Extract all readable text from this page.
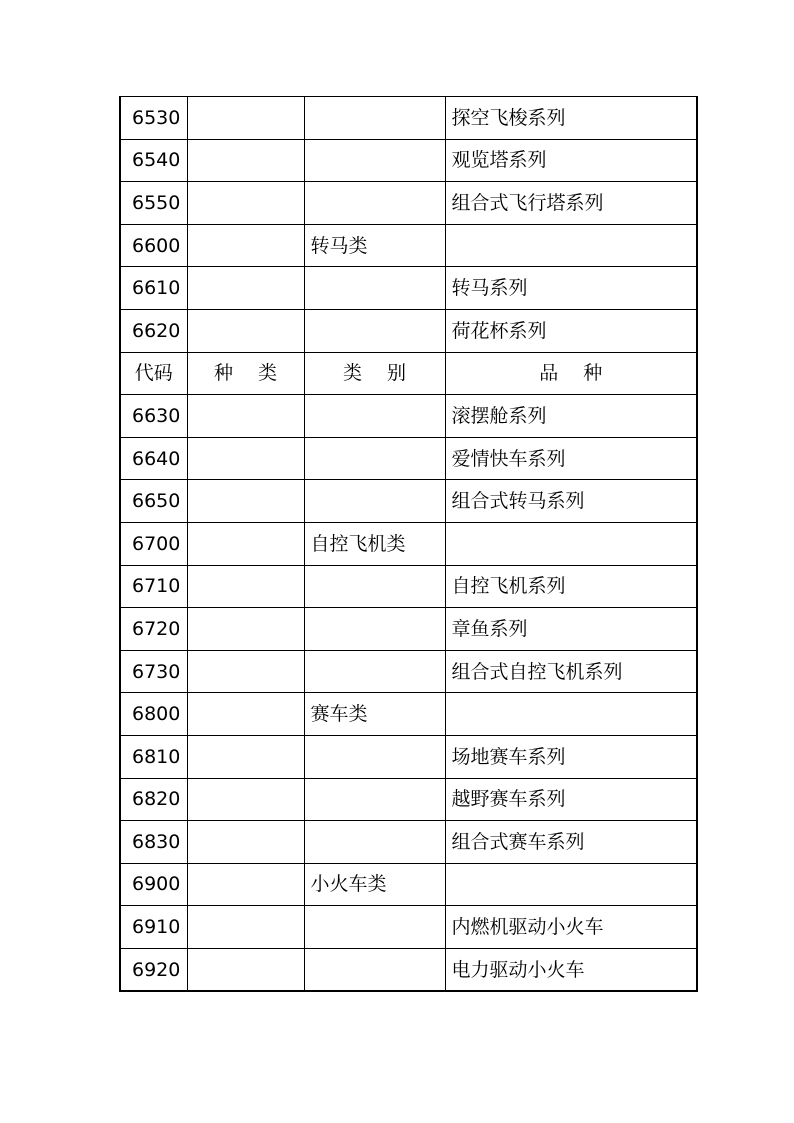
6530			探空飞梭系列
6540			观览塔系列
6550			组合式飞行塔系列
6600		转马类	
6610			转马系列
6620			荷花杯系列
代码	种　 类	类　 别	品　 种
6630			滚摆舱系列
6640			爱情快车系列
6650			组合式转马系列
6700		自控飞机类	
6710			自控飞机系列
6720			章鱼系列
6730			组合式自控飞机系列
6800		赛车类	
6810			场地赛车系列
6820			越野赛车系列
6830			组合式赛车系列
6900		小火车类	
6910			内燃机驱动小火车
6920			电力驱动小火车
